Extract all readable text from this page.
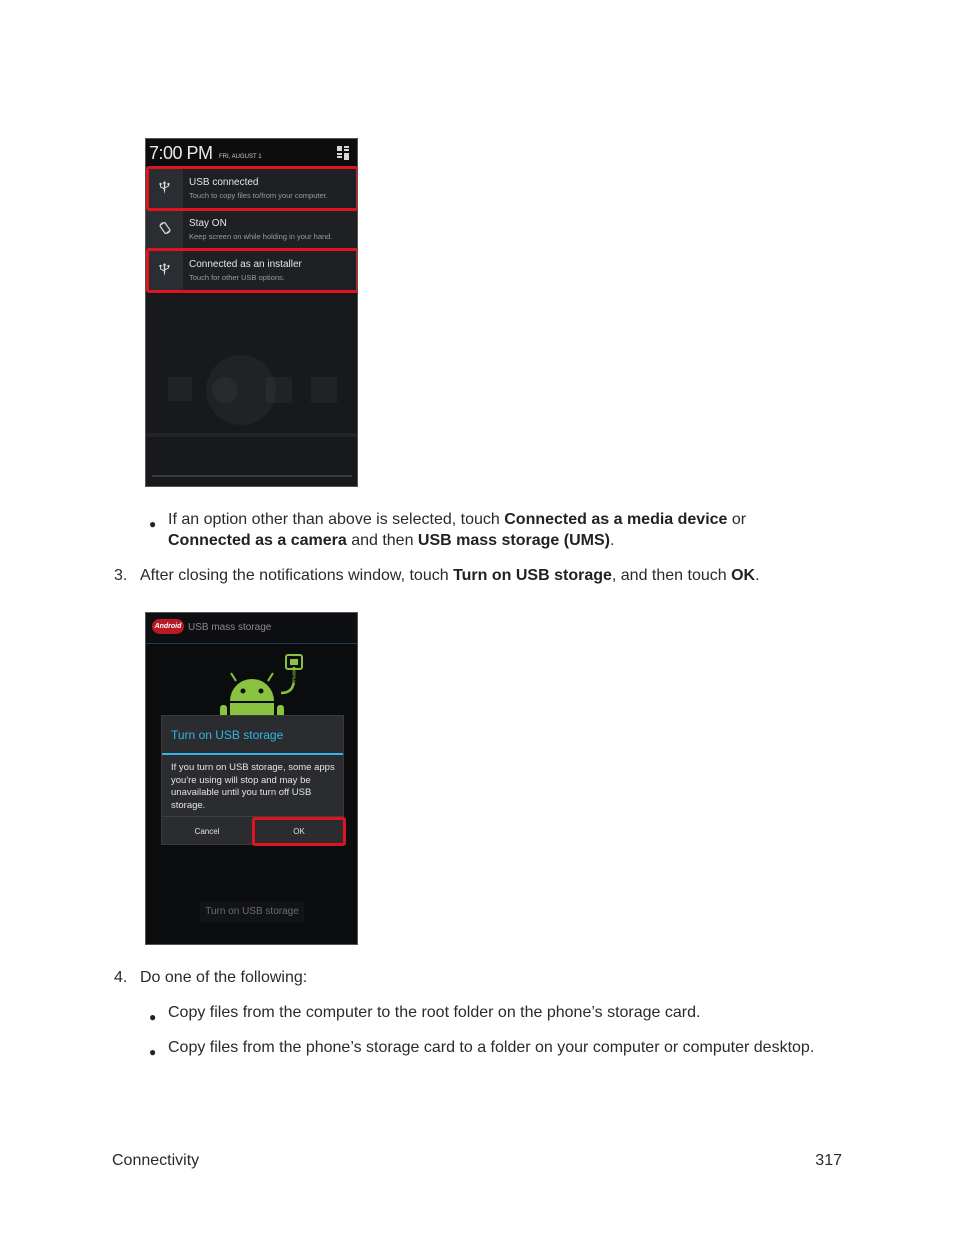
7:00 PM FRI, AUGUST 1
USB connected
Touch to copy files to/from your computer.
Stay ON
Keep screen on while holding in your hand.
Connected as an installer
Touch for other USB options.
● If an option other than above is selected, touch Connected as a media device or
Connected as a camera and then USB mass storage (UMS).
3. After closing the notifications window, touch Turn on USB storage, and then touch OK.
Android USB mass storage
Turn on USB storage
If you turn on USB storage, some apps you're using will stop and may be unavailable until you turn off USB storage.
Cancel	OK
Turn on USB storage
4. Do one of the following:
● Copy files from the computer to the root folder on the phone’s storage card.
● Copy files from the phone’s storage card to a folder on your computer or computer desktop.
Connectivity	317
